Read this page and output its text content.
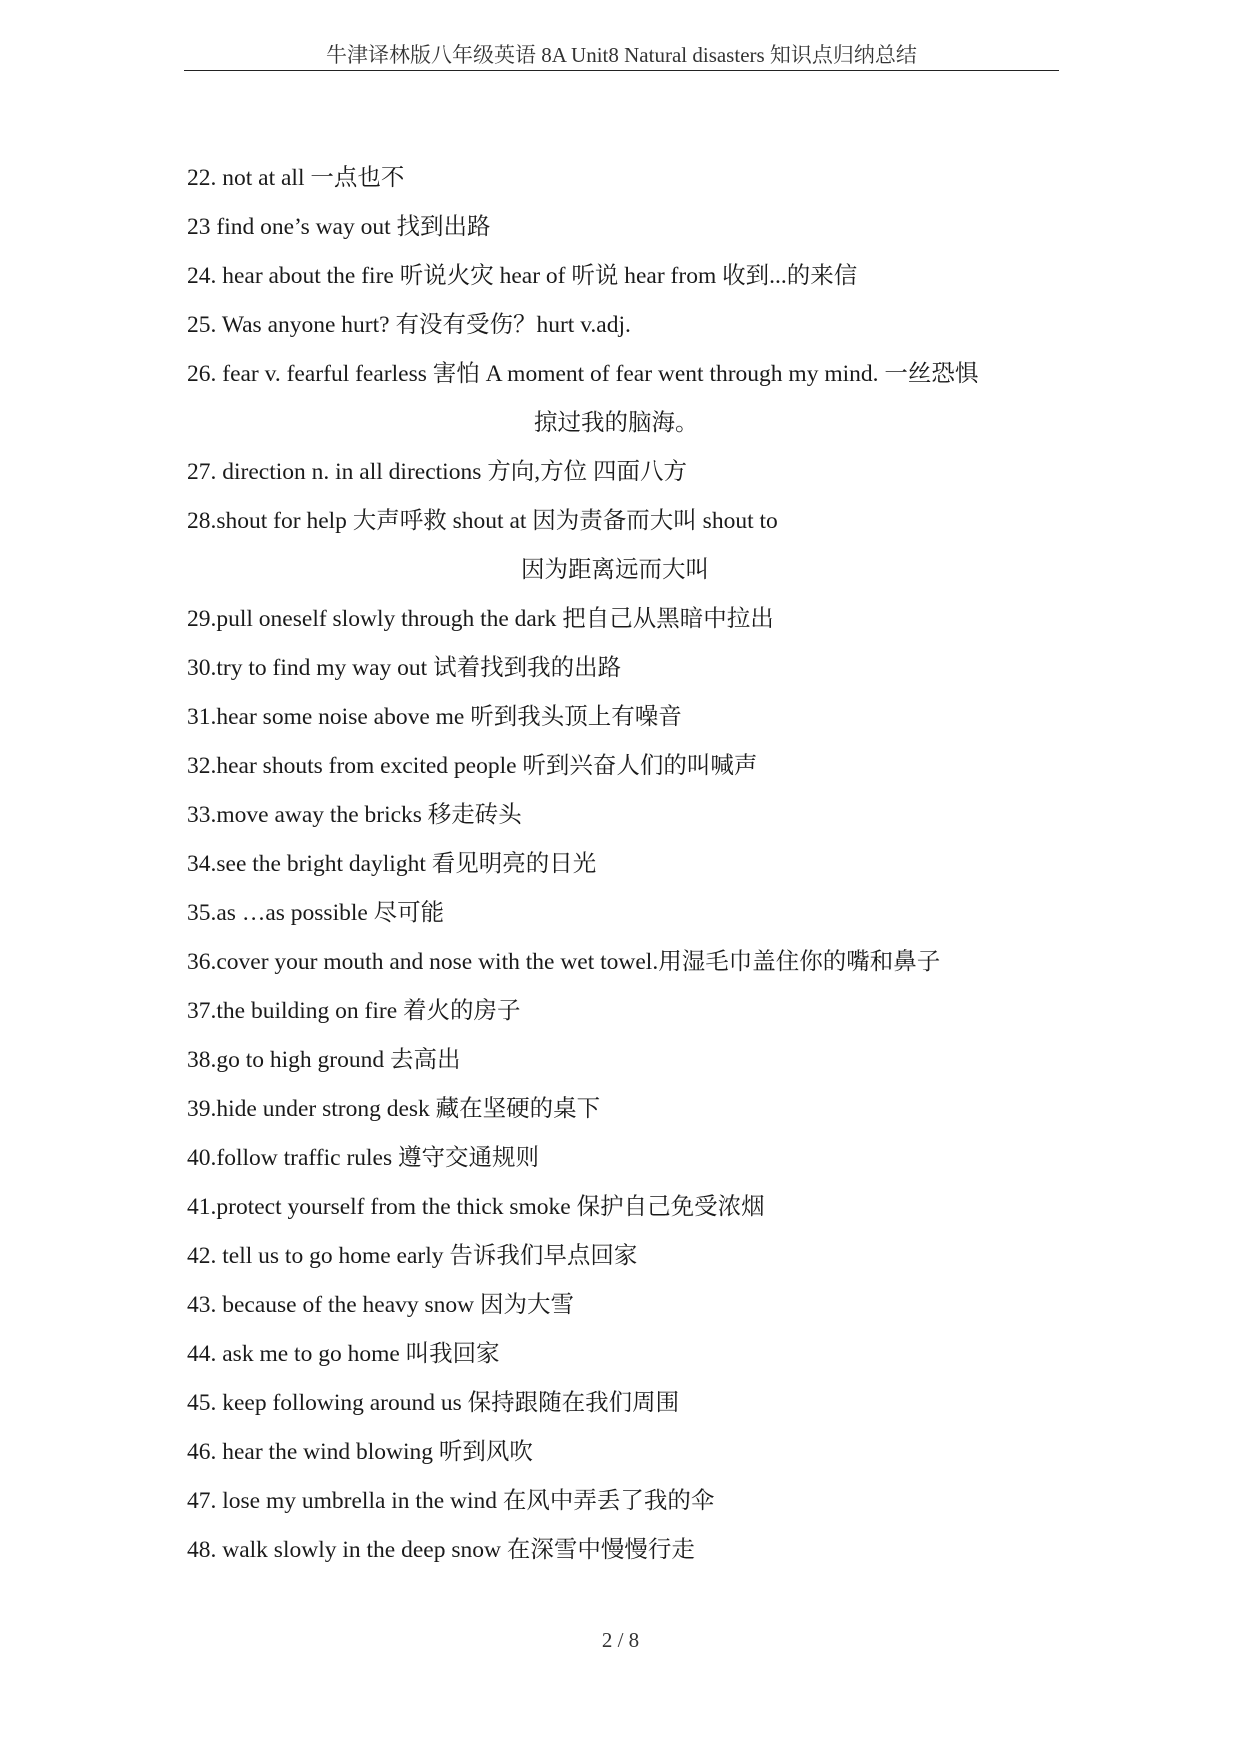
牛津译林版八年级英语 8A Unit8 Natural disasters 知识点归纳总结
22. not at all 一点也不
23 find one’s way out 找到出路
24. hear about the fire 听说火灾 hear of 听说 hear from 收到...的来信
25. Was anyone hurt? 有没有受伤？hurt v.adj.
26. fear v. fearful fearless 害怕 A moment of fear went through my mind. 一丝恐惧
掠过我的脑海。
27. direction n. in all directions 方向,方位 四面八方
28.shout for help 大声呼救 shout at 因为责备而大叫 shout to
因为距离远而大叫
29.pull oneself slowly through the dark 把自己从黑暗中拉出
30.try to find my way out 试着找到我的出路
31.hear some noise above me 听到我头顶上有噪音
32.hear shouts from excited people 听到兴奋人们的叫喊声
33.move away the bricks 移走砖头
34.see the bright daylight 看见明亮的日光
35.as …as possible 尽可能
36.cover your mouth and nose with the wet towel.用湿毛巾盖住你的嘴和鼻子
37.the building on fire 着火的房子
38.go to high ground 去高出
39.hide under strong desk 藏在坚硬的桌下
40.follow traffic rules 遵守交通规则
41.protect yourself from the thick smoke 保护自己免受浓烟
42. tell us to go home early 告诉我们早点回家
43. because of the heavy snow 因为大雪
44. ask me to go home 叫我回家
45. keep following around us 保持跟随在我们周围
46. hear the wind blowing 听到风吹
47. lose my umbrella in the wind 在风中弄丢了我的伞
48. walk slowly in the deep snow 在深雪中慢慢行走
2 / 8
